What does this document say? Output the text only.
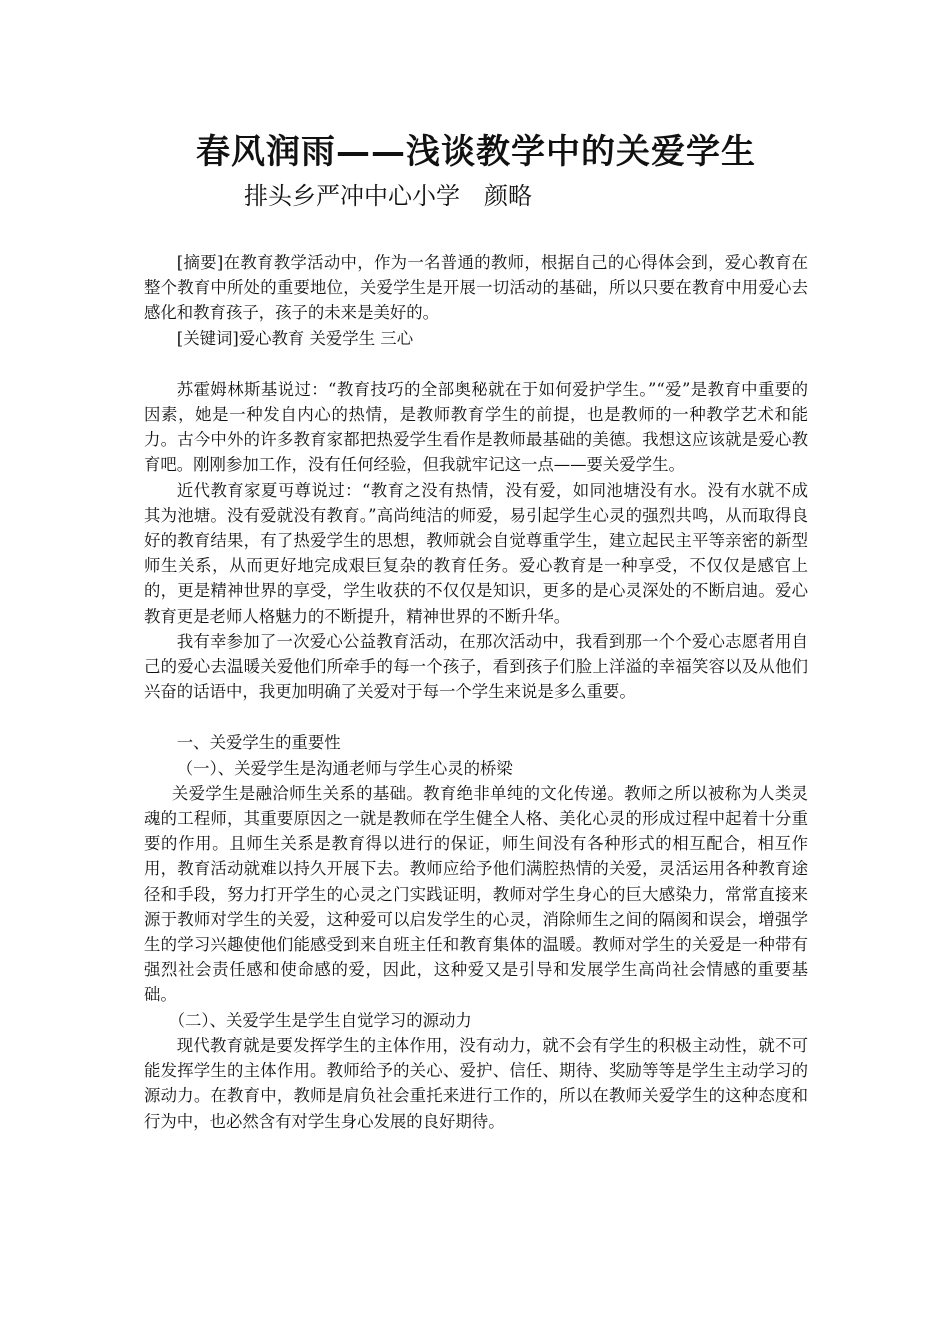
春风润雨——浅谈教学中的关爱学生
排头乡严冲中心小学　颜略

[摘要]在教育教学活动中，作为一名普通的教师，根据自己的心得体会到，爱心教育在整个教育中所处的重要地位，关爱学生是开展一切活动的基础，所以只要在教育中用爱心去感化和教育孩子，孩子的未来是美好的。

[关键词]爱心教育 关爱学生 三心

苏霍姆林斯基说过：“教育技巧的全部奥秘就在于如何爱护学生。”“爱”是教育中重要的因素，她是一种发自内心的热情，是教师教育学生的前提，也是教师的一种教学艺术和能力。古今中外的许多教育家都把热爱学生看作是教师最基础的美德。我想这应该就是爱心教育吧。刚刚参加工作，没有任何经验，但我就牢记这一点——要关爱学生。

近代教育家夏丏尊说过：“教育之没有热情，没有爱，如同池塘没有水。没有水就不成其为池塘。没有爱就没有教育。”高尚纯洁的师爱，易引起学生心灵的强烈共鸣，从而取得良好的教育结果，有了热爱学生的思想，教师就会自觉尊重学生，建立起民主平等亲密的新型师生关系，从而更好地完成艰巨复杂的教育任务。爱心教育是一种享受，不仅仅是感官上的，更是精神世界的享受，学生收获的不仅仅是知识，更多的是心灵深处的不断启迪。爱心教育更是老师人格魅力的不断提升，精神世界的不断升华。

我有幸参加了一次爱心公益教育活动，在那次活动中，我看到那一个个爱心志愿者用自己的爱心去温暖关爱他们所牵手的每一个孩子，看到孩子们脸上洋溢的幸福笑容以及从他们兴奋的话语中，我更加明确了关爱对于每一个学生来说是多么重要。

一、关爱学生的重要性
（一）、关爱学生是沟通老师与学生心灵的桥梁

关爱学生是融洽师生关系的基础。教育绝非单纯的文化传递。教师之所以被称为人类灵魂的工程师，其重要原因之一就是教师在学生健全人格、美化心灵的形成过程中起着十分重要的作用。且师生关系是教育得以进行的保证，师生间没有各种形式的相互配合，相互作用，教育活动就难以持久开展下去。教师应给予他们满腔热情的关爱，灵活运用各种教育途径和手段，努力打开学生的心灵之门实践证明，教师对学生身心的巨大感染力，常常直接来源于教师对学生的关爱，这种爱可以启发学生的心灵，消除师生之间的隔阂和误会，增强学生的学习兴趣使他们能感受到来自班主任和教育集体的温暖。教师对学生的关爱是一种带有强烈社会责任感和使命感的爱，因此，这种爱又是引导和发展学生高尚社会情感的重要基础。

（二）、关爱学生是学生自觉学习的源动力

现代教育就是要发挥学生的主体作用，没有动力，就不会有学生的积极主动性，就不可能发挥学生的主体作用。教师给予的关心、爱护、信任、期待、奖励等等是学生主动学习的源动力。在教育中，教师是肩负社会重托来进行工作的，所以在教师关爱学生的这种态度和行为中，也必然含有对学生身心发展的良好期待。
